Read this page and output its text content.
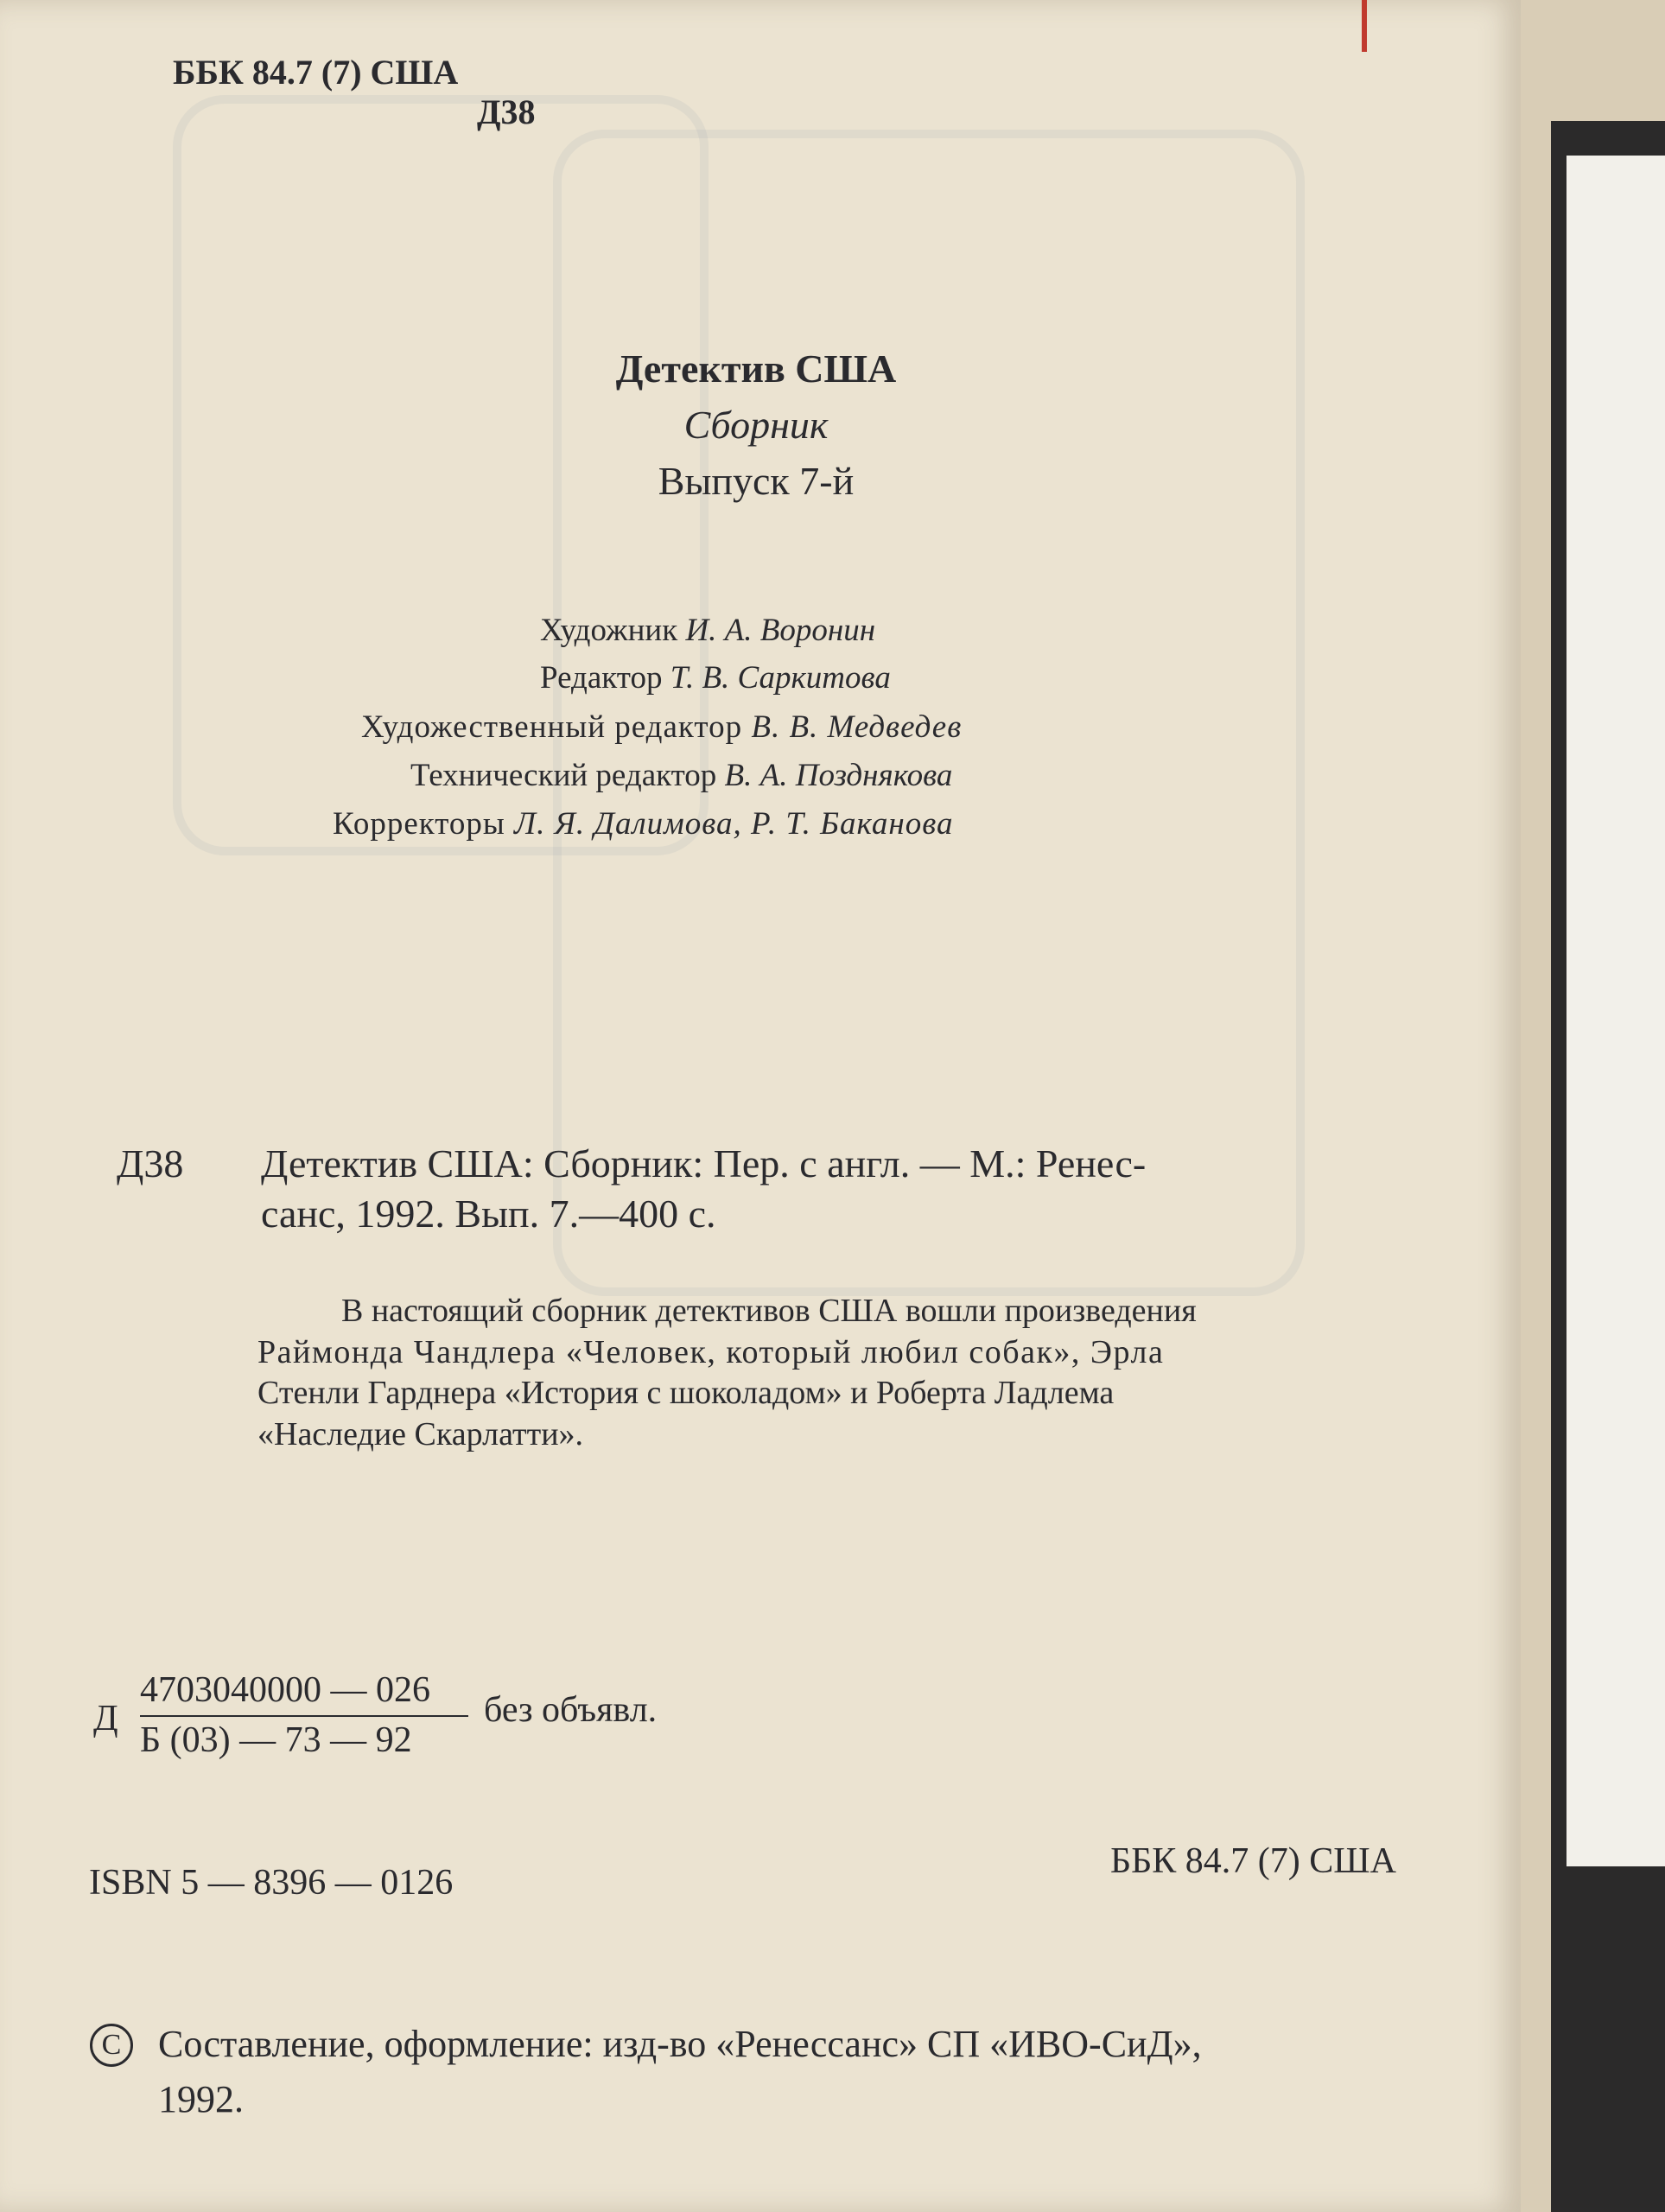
ББК 84.7 (7) США
Д38
Детектив США
Сборник
Выпуск 7-й
Художник И. А. Воронин
Редактор Т. В. Саркитова
Художественный редактор В. В. Медведев
Технический редактор В. А. Позднякова
Корректоры Л. Я. Далимова, Р. Т. Баканова
Д38 Детектив США: Сборник: Пер. с англ. — М.: Ренес-
санс, 1992. Вып. 7.—400 с.
В настоящий сборник детективов США вошли произведения
Раймонда Чандлера «Человек, который любил собак», Эрла
Стенли Гарднера «История с шоколадом» и Роберта Ладлема
«Наследие Скарлатти».
Д
4703040000 — 026
Б (03) — 73 — 92
без объявл.
ISBN 5 — 8396 — 0126
ББК 84.7 (7) США
C Составление, оформление: изд-во «Ренессанс» СП «ИВО-СиД»,
1992.
